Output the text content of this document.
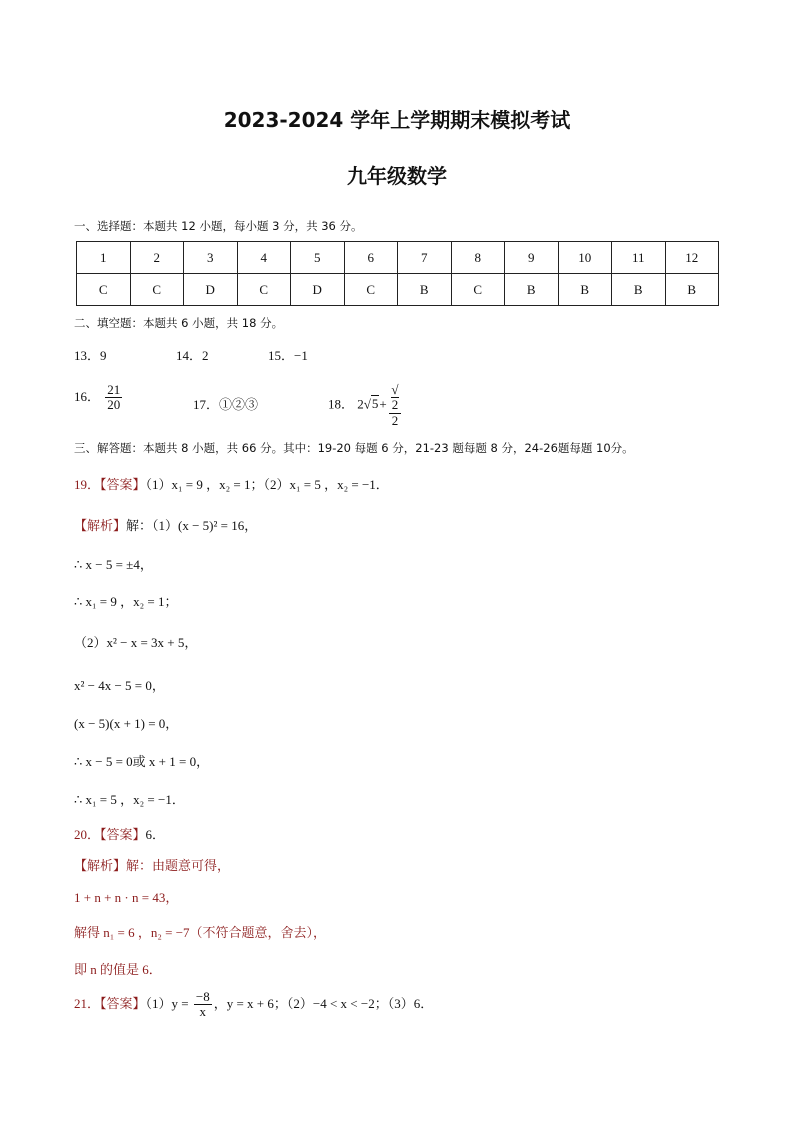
2023-2024 学年上学期期末模拟考试
九年级数学
一、选择题：本题共 12 小题，每小题 3 分，共 36 分。
1	2	3	4	5	6	7	8	9	10	11	12
C	C	D	C	D	C	B	C	B	B	B	B
二、填空题：本题共 6 小题，共 18 分。
13．9	14．2	15．−1
16． $\frac{21}{20}$	17．①②③	18． 2√5+ √
2
2
三、解答题：本题共 8 小题，共 66 分。其中：19-20 每题 6 分，21-23 题每题 8 分，24-26题每题 10分。
19．【答案】（1）x₁ = 9 ，x₂ = 1；（2）x₁ = 5 ，x₂ = −1．
【解析】解：（1）(x − 5)² = 16，
∴ x − 5 = ±4，
∴ x₁ = 9 ，x₂ = 1；
（2）x² − x = 3x + 5，
x² − 4x − 5 = 0，
(x − 5)(x + 1) = 0，
∴ x − 5 = 0或 x + 1 = 0，
∴ x₁ = 5 ，x₂ = −1．
20．【答案】6．
【解析】解：由题意可得，
1 + n + n · n = 43，
解得 n₁ = 6 ，n₂ = −7（不符合题意，舍去），
即 n 的值是 6．
21．【答案】$(1)y = \frac{-8}{x}$ ，y = x + 6；（2）−4 < x < −2；（3）6．
